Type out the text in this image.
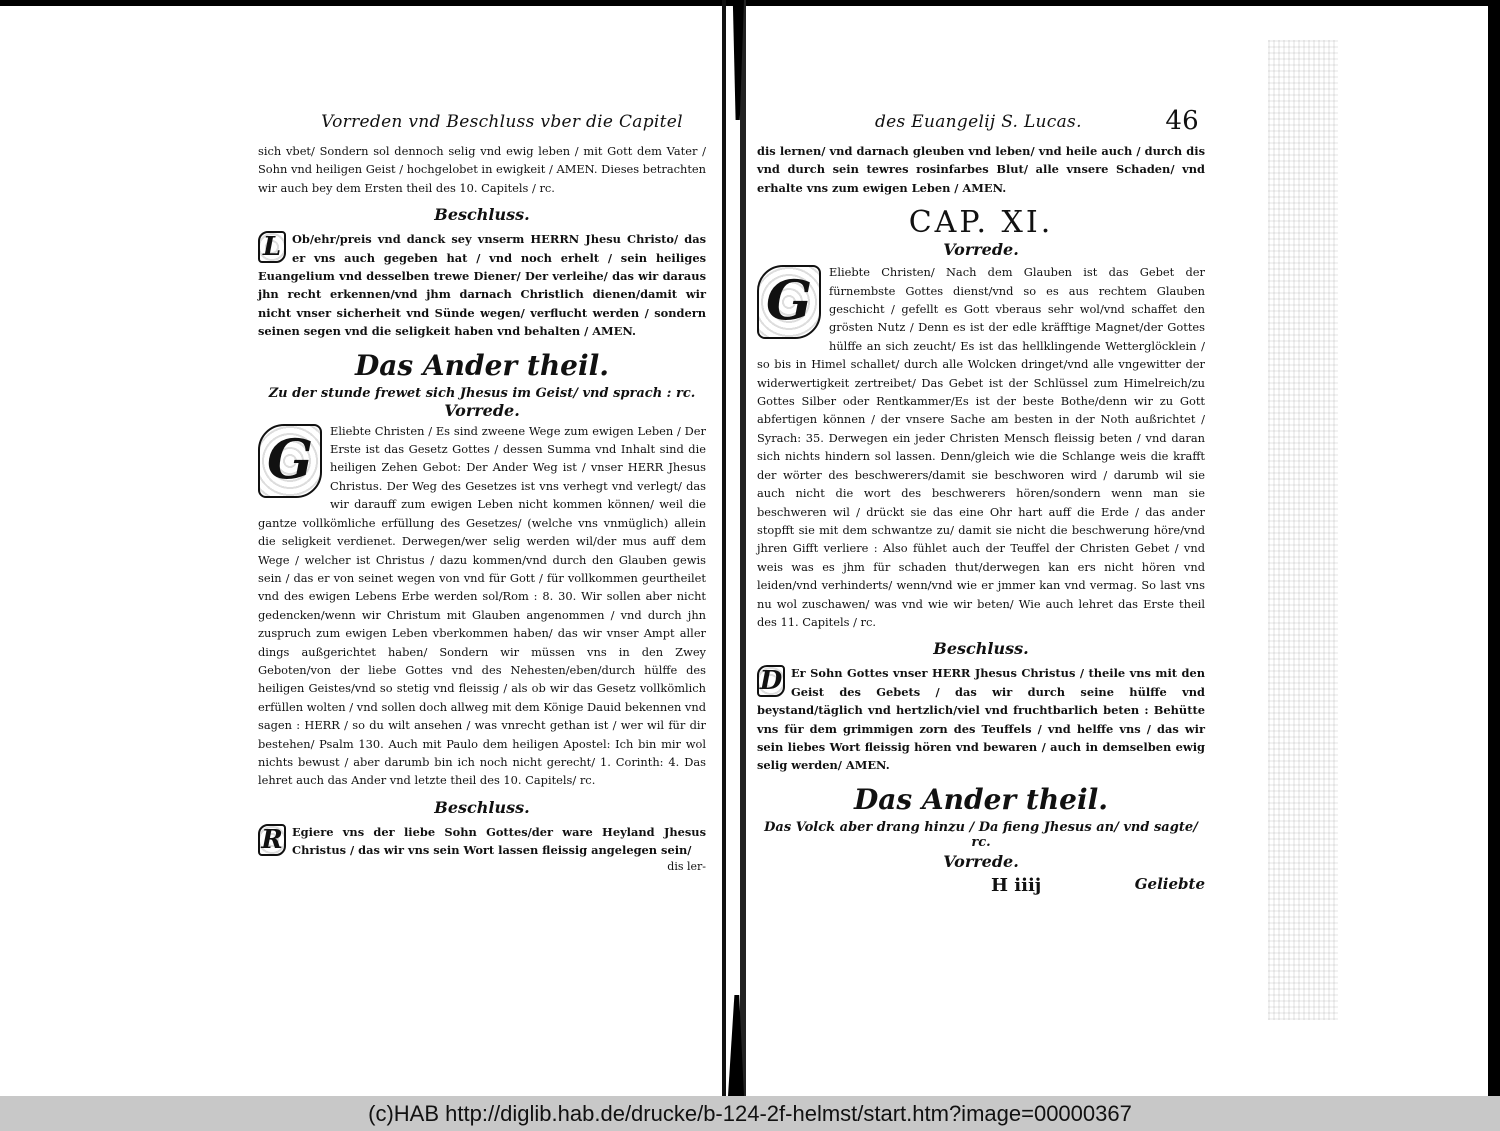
Vorreden vnd Beschluss vber die Capitel
sich vbet/ Sondern sol dennoch selig vnd ewig leben / mit Gott dem Vater / Sohn vnd heiligen Geist / hochgelobet in ewigkeit / AMEN. Dieses betrachten wir auch bey dem Ersten theil des 10. Capitels / rc.
Beschluss.
L Ob/ehr/preis vnd danck sey vnserm HERRN Jhesu Christo/ das er vns auch gegeben hat / vnd noch erhelt / sein heiliges Euangelium vnd desselben trewe Diener/ Der verleihe/ das wir daraus jhn recht erkennen/vnd jhm darnach Christlich dienen/damit wir nicht vnser sicherheit vnd Sünde wegen/ verflucht werden / sondern seinen segen vnd die seligkeit haben vnd behalten / AMEN.
Das Ander theil.
Zu der stunde frewet sich Jhesus im Geist/ vnd sprach : rc.
Vorrede.
G	Eliebte Christen / Es sind zweene Wege zum ewigen Leben / Der Erste ist das Gesetz Gottes / dessen Summa vnd Inhalt sind die heiligen Zehen Gebot: Der Ander Weg ist / vnser HERR Jhesus Christus. Der Weg des Gesetzes ist vns verhegt vnd verlegt/ das wir darauff zum ewigen Leben nicht kommen können/ weil die gantze vollkömliche erfüllung des Gesetzes/ (welche vns vnmüglich) allein die seligkeit verdienet. Derwegen/wer selig werden wil/der mus auff dem Wege / welcher ist Christus / dazu kommen/vnd durch den Glauben gewis sein / das er von seinet wegen von vnd für Gott / für vollkommen geurtheilet vnd des ewigen Lebens Erbe werden sol/Rom : 8. 30. Wir sollen aber nicht gedencken/wenn wir Christum mit Glauben angenommen / vnd durch jhn zuspruch zum ewigen Leben vberkommen haben/ das wir vnser Ampt aller dings außgerichtet haben/ Sondern wir müssen vns in den Zwey Geboten/von der liebe Gottes vnd des Nehesten/eben/durch hülffe des heiligen Geistes/vnd so stetig vnd fleissig / als ob wir das Gesetz vollkömlich erfüllen wolten / vnd sollen doch allweg mit dem Könige Dauid bekennen vnd sagen : HERR / so du wilt ansehen / was vnrecht gethan ist / wer wil für dir bestehen/ Psalm 130. Auch mit Paulo dem heiligen Apostel: Ich bin mir wol nichts bewust / aber darumb bin ich noch nicht gerecht/ 1. Corinth: 4. Das lehret auch das Ander vnd letzte theil des 10. Capitels/ rc.
Beschluss.
R Egiere vns der liebe Sohn Gottes/der ware Heyland Jhesus Christus / das wir vns sein Wort lassen fleissig angelegen sein/
dis ler-
des Euangelij S. Lucas.	46
dis lernen/ vnd darnach gleuben vnd leben/ vnd heile auch / durch dis vnd durch sein tewres rosinfarbes Blut/ alle vnsere Schaden/ vnd erhalte vns zum ewigen Leben / AMEN.
CAP. XI.
Vorrede.
G	Eliebte Christen/ Nach dem Glauben ist das Gebet der fürnembste Gottes dienst/vnd so es aus rechtem Glauben geschicht / gefellt es Gott vberaus sehr wol/vnd schaffet den grösten Nutz / Denn es ist der edle kräfftige Magnet/der Gottes hülffe an sich zeucht/ Es ist das hellklingende Wetterglöcklein / so bis in Himel schallet/ durch alle Wolcken dringet/vnd alle vngewitter der widerwertigkeit zertreibet/ Das Gebet ist der Schlüssel zum Himelreich/zu Gottes Silber oder Rentkammer/Es ist der beste Bothe/denn wir zu Gott abfertigen können / der vnsere Sache am besten in der Noth außrichtet / Syrach: 35. Derwegen ein jeder Christen Mensch fleissig beten / vnd daran sich nichts hindern sol lassen. Denn/gleich wie die Schlange weis die krafft der wörter des beschwerers/damit sie beschworen wird / darumb wil sie auch nicht die wort des beschwerers hören/sondern wenn man sie beschweren wil / drückt sie das eine Ohr hart auff die Erde / das ander stopfft sie mit dem schwantze zu/ damit sie nicht die beschwerung höre/vnd jhren Gifft verliere : Also fühlet auch der Teuffel der Christen Gebet / vnd weis was es jhm für schaden thut/derwegen kan ers nicht hören vnd leiden/vnd verhinderts/ wenn/vnd wie er jmmer kan vnd vermag. So last vns nu wol zuschawen/ was vnd wie wir beten/ Wie auch lehret das Erste theil des 11. Capitels / rc.
Beschluss.
D Er Sohn Gottes vnser HERR Jhesus Christus / theile vns mit den Geist des Gebets / das wir durch seine hülffe vnd beystand/täglich vnd hertzlich/viel vnd fruchtbarlich beten : Behütte vns für dem grimmigen zorn des Teuffels / vnd helffe vns / das wir sein liebes Wort fleissig hören vnd bewaren / auch in demselben ewig selig werden/ AMEN.
Das Ander theil.
Das Volck aber drang hinzu / Da fieng Jhesus an/ vnd sagte/ rc.
Vorrede.
H iiij	Geliebte
(c)HAB http://diglib.hab.de/drucke/b-124-2f-helmst/start.htm?image=00000367
